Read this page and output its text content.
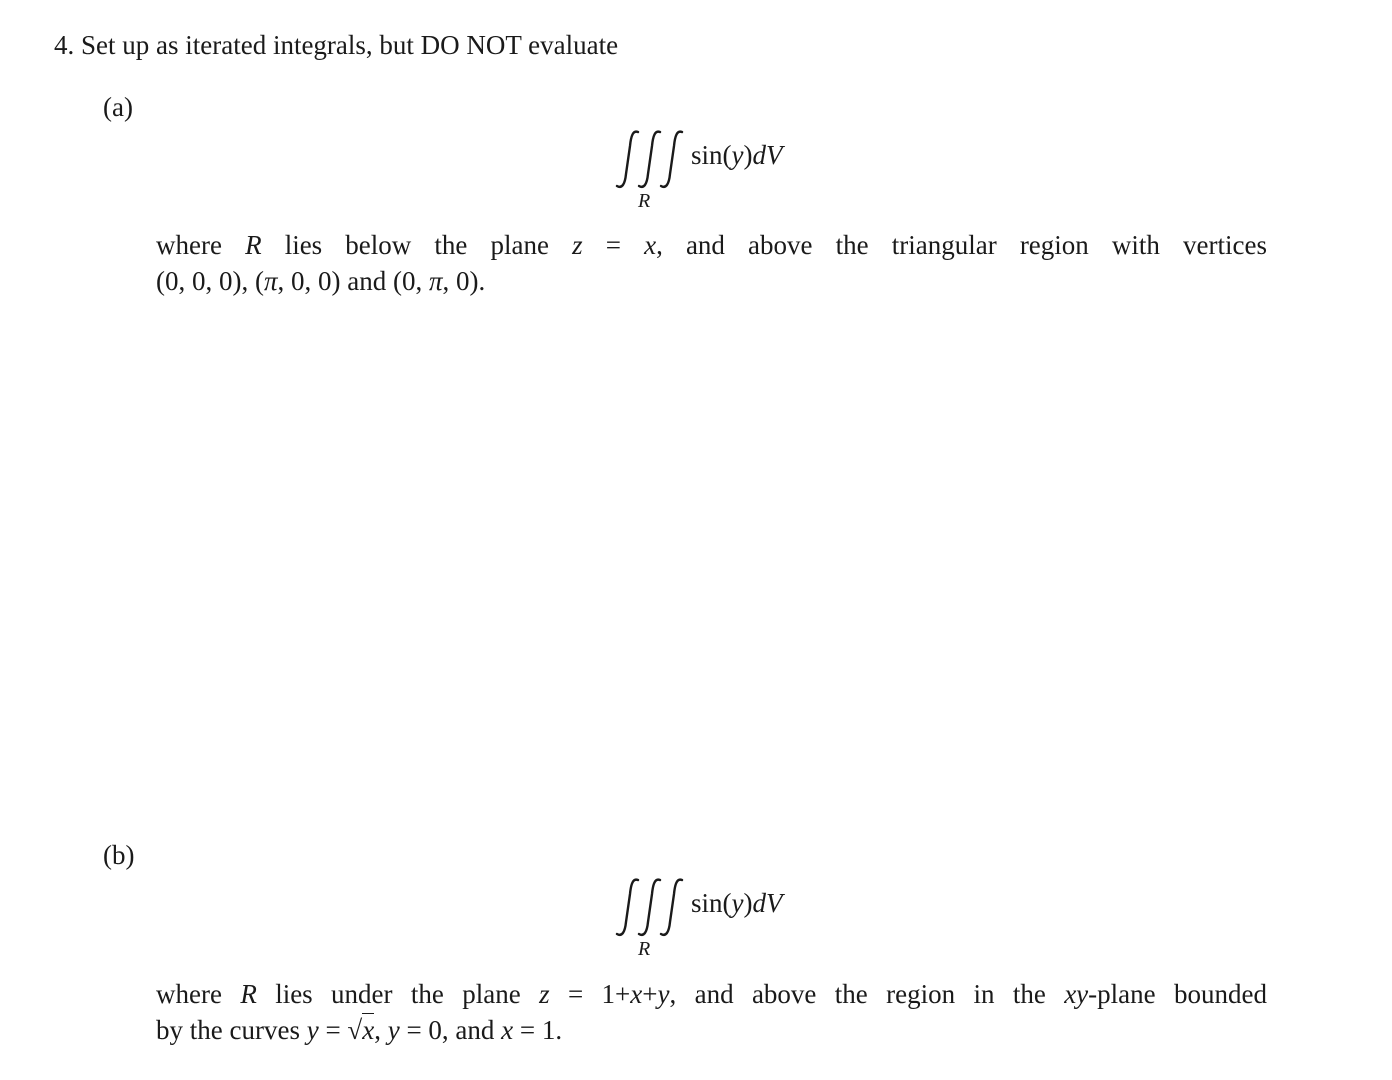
4. Set up as iterated integrals, but DO NOT evaluate
(a)
sin(y)dV
R
where R lies below the plane z = x, and above the triangular region with vertices
(0, 0, 0), (π, 0, 0) and (0, π, 0).
(b)
sin(y)dV
R
where R lies under the plane z = 1+x+y, and above the region in the xy-plane bounded
by the curves y = √x, y = 0, and x = 1.
